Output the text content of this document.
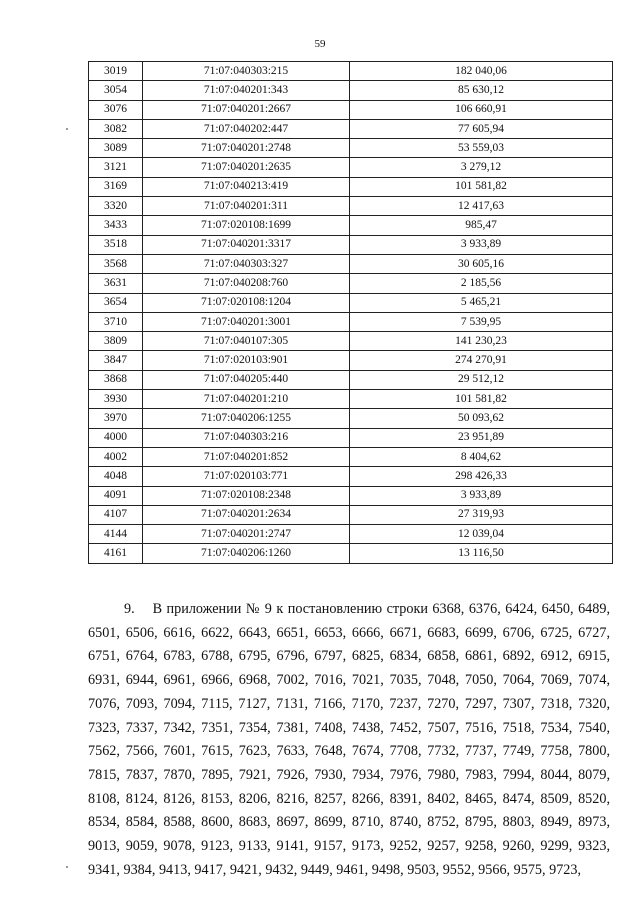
59
3019	71:07:040303:215	182 040,06
3054	71:07:040201:343	85 630,12
3076	71:07:040201:2667	106 660,91
3082	71:07:040202:447	77 605,94
3089	71:07:040201:2748	53 559,03
3121	71:07:040201:2635	3 279,12
3169	71:07:040213:419	101 581,82
3320	71:07:040201:311	12 417,63
3433	71:07:020108:1699	985,47
3518	71:07:040201:3317	3 933,89
3568	71:07:040303:327	30 605,16
3631	71:07:040208:760	2 185,56
3654	71:07:020108:1204	5 465,21
3710	71:07:040201:3001	7 539,95
3809	71:07:040107:305	141 230,23
3847	71:07:020103:901	274 270,91
3868	71:07:040205:440	29 512,12
3930	71:07:040201:210	101 581,82
3970	71:07:040206:1255	50 093,62
4000	71:07:040303:216	23 951,89
4002	71:07:040201:852	8 404,62
4048	71:07:020103:771	298 426,33
4091	71:07:020108:2348	3 933,89
4107	71:07:040201:2634	27 319,93
4144	71:07:040201:2747	12 039,04
4161	71:07:040206:1260	13 116,50
9.    В приложении № 9 к постановлению строки 6368, 6376, 6424, 6450, 6489, 6501, 6506, 6616, 6622, 6643, 6651, 6653, 6666, 6671, 6683, 6699, 6706, 6725, 6727, 6751, 6764, 6783, 6788, 6795, 6796, 6797, 6825, 6834, 6858, 6861, 6892, 6912, 6915, 6931, 6944, 6961, 6966, 6968, 7002, 7016, 7021, 7035, 7048, 7050, 7064, 7069, 7074, 7076, 7093, 7094, 7115, 7127, 7131, 7166, 7170, 7237, 7270, 7297, 7307, 7318, 7320, 7323, 7337, 7342, 7351, 7354, 7381, 7408, 7438, 7452, 7507, 7516, 7518, 7534, 7540, 7562, 7566, 7601, 7615, 7623, 7633, 7648, 7674, 7708, 7732, 7737, 7749, 7758, 7800, 7815, 7837, 7870, 7895, 7921, 7926, 7930, 7934, 7976, 7980, 7983, 7994, 8044, 8079, 8108, 8124, 8126, 8153, 8206, 8216, 8257, 8266, 8391, 8402, 8465, 8474, 8509, 8520, 8534, 8584, 8588, 8600, 8683, 8697, 8699, 8710, 8740, 8752, 8795, 8803, 8949, 8973, 9013, 9059, 9078, 9123, 9133, 9141, 9157, 9173, 9252, 9257, 9258, 9260, 9299, 9323, 9341, 9384, 9413, 9417, 9421, 9432, 9449, 9461, 9498, 9503, 9552, 9566, 9575, 9723,
